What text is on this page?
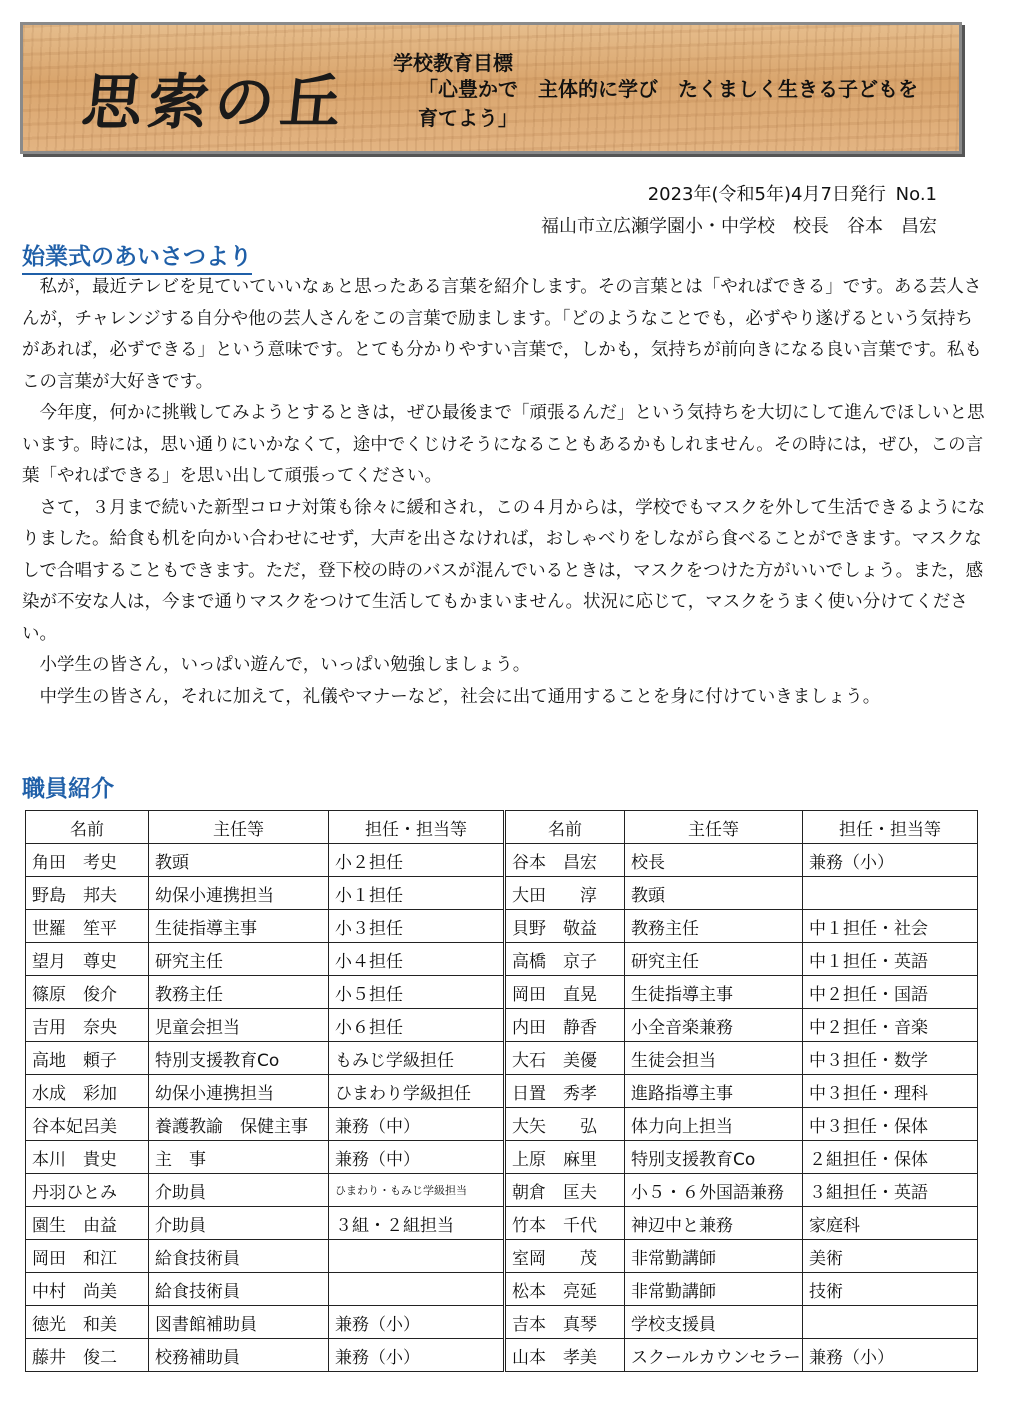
思索の丘
学校教育目標
「心豊かで　主体的に学び　たくましく生きる子どもを　　　育てよう」
2023年(令和5年)4月7日発行 No.1
福山市立広瀬学園小・中学校　校長　谷本　昌宏
始業式のあいさつより

私が，最近テレビを見ていていいなぁと思ったある言葉を紹介します。その言葉とは「やればできる」です。ある芸人さんが，チャレンジする自分や他の芸人さんをこの言葉で励まします。「どのようなことでも，必ずやり遂げるという気持ちがあれば，必ずできる」という意味です。とても分かりやすい言葉で，しかも，気持ちが前向きになる良い言葉です。私もこの言葉が大好きです。

今年度，何かに挑戦してみようとするときは，ぜひ最後まで「頑張るんだ」という気持ちを大切にして進んでほしいと思います。時には，思い通りにいかなくて，途中でくじけそうになることもあるかもしれません。その時には，ぜひ，この言葉「やればできる」を思い出して頑張ってください。

さて，３月まで続いた新型コロナ対策も徐々に緩和され，この４月からは，学校でもマスクを外して生活できるようになりました。給食も机を向かい合わせにせず，大声を出さなければ，おしゃべりをしながら食べることができます。マスクなしで合唱することもできます。ただ，登下校の時のバスが混んでいるときは，マスクをつけた方がいいでしょう。また，感染が不安な人は，今まで通りマスクをつけて生活してもかまいません。状況に応じて，マスクをうまく使い分けてください。

小学生の皆さん，いっぱい遊んで，いっぱい勉強しましょう。

中学生の皆さん，それに加えて，礼儀やマナーなど，社会に出て通用することを身に付けていきましょう。

職員紹介
名前	主任等	担任・担当等	名前	主任等	担任・担当等
角田　考史	教頭	小２担任	谷本　昌宏	校長	兼務（小）
野島　邦夫	幼保小連携担当	小１担任	大田　　淳	教頭	
世羅　笙平	生徒指導主事	小３担任	貝野　敬益	教務主任	中１担任・社会
望月　尊史	研究主任	小４担任	高橋　京子	研究主任	中１担任・英語
篠原　俊介	教務主任	小５担任	岡田　直晃	生徒指導主事	中２担任・国語
吉用　奈央	児童会担当	小６担任	内田　静香	小全音楽兼務	中２担任・音楽
高地　頼子	特別支援教育Co	もみじ学級担任	大石　美優	生徒会担当	中３担任・数学
水成　彩加	幼保小連携担当	ひまわり学級担任	日置　秀孝	進路指導主事	中３担任・理科
谷本妃呂美	養護教諭　保健主事	兼務（中）	大矢　　弘	体力向上担当	中３担任・保体
本川　貴史	主　事	兼務（中）	上原　麻里	特別支援教育Co	２組担任・保体
丹羽ひとみ	介助員	ひまわり・もみじ学級担当	朝倉　匡夫	小５・６外国語兼務	３組担任・英語
園生　由益	介助員	３組・２組担当	竹本　千代	神辺中と兼務	家庭科
岡田　和江	給食技術員		室岡　　茂	非常勤講師	美術
中村　尚美	給食技術員		松本　亮延	非常勤講師	技術
徳光　和美	図書館補助員	兼務（小）	吉本　真琴	学校支援員	
藤井　俊二	校務補助員	兼務（小）	山本　孝美	スクールカウンセラー	兼務（小）
